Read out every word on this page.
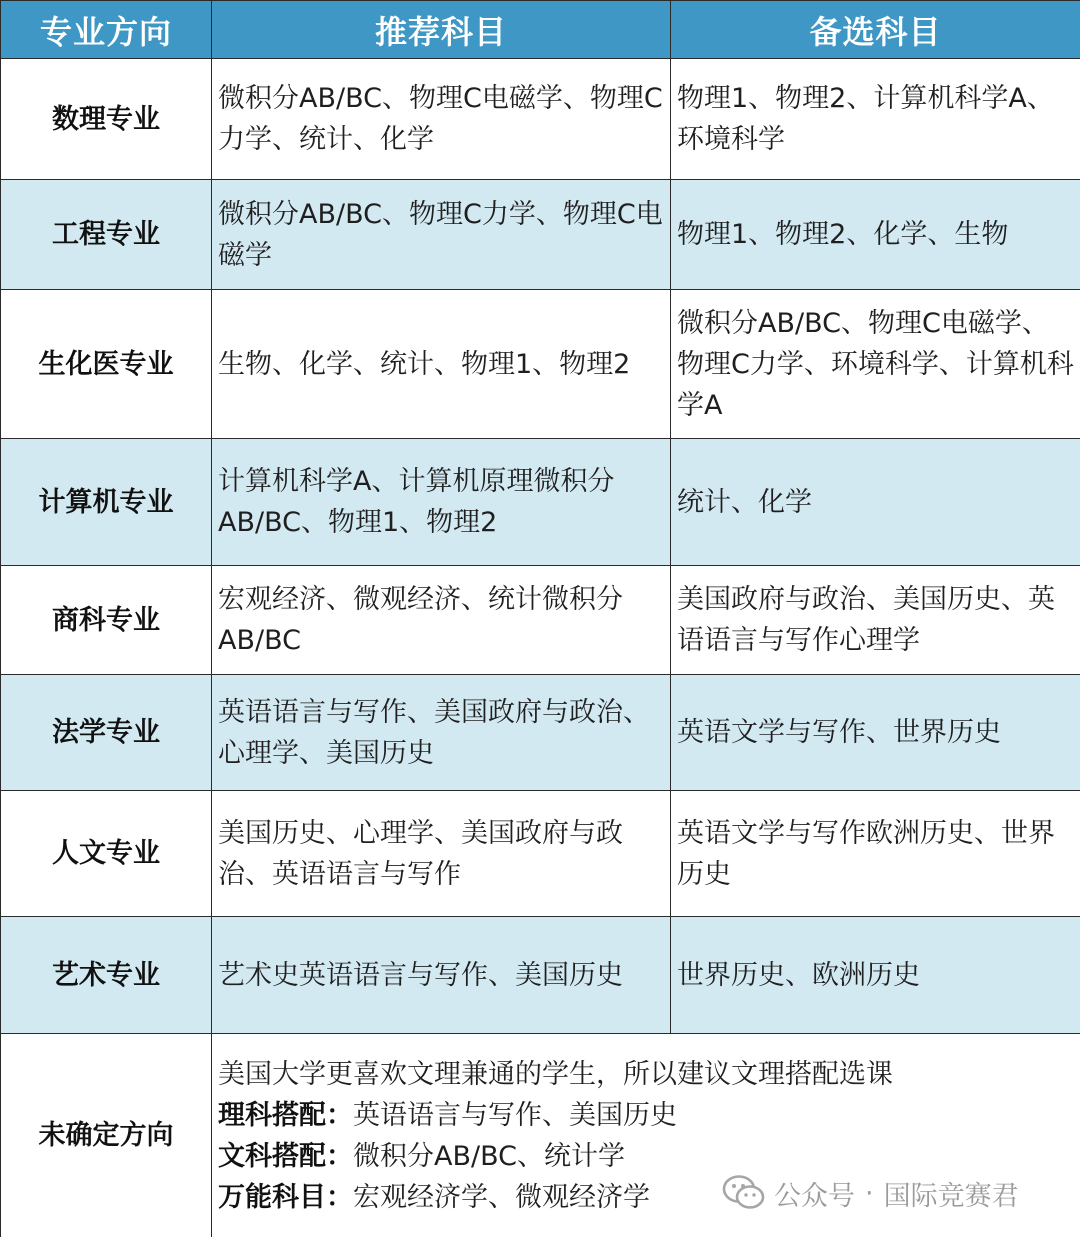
专业方向	推荐科目	备选科目
数理专业	微积分AB/BC、物理C电磁学、物理C力学、统计、化学	物理1、物理2、计算机科学A、环境科学
工程专业	微积分AB/BC、物理C力学、物理C电磁学	物理1、物理2、化学、生物
生化医专业	生物、化学、统计、物理1、物理2	微积分AB/BC、物理C电磁学、物理C力学、环境科学、计算机科学A
计算机专业	计算机科学A、计算机原理微积分AB/BC、物理1、物理2	统计、化学
商科专业	宏观经济、微观经济、统计微积分AB/BC	美国政府与政治、美国历史、英语语言与写作心理学
法学专业	英语语言与写作、美国政府与政治、心理学、美国历史	英语文学与写作、世界历史
人文专业	美国历史、心理学、美国政府与政治、英语语言与写作	英语文学与写作欧洲历史、世界历史
艺术专业	艺术史英语语言与写作、美国历史	世界历史、欧洲历史
未确定方向	美国大学更喜欢文理兼通的学生，所以建议文理搭配选课
理科搭配：英语语言与写作、美国历史
文科搭配：微积分AB/BC、统计学
万能科目：宏观经济学、微观经济学		公众号 · 国际竞赛君
